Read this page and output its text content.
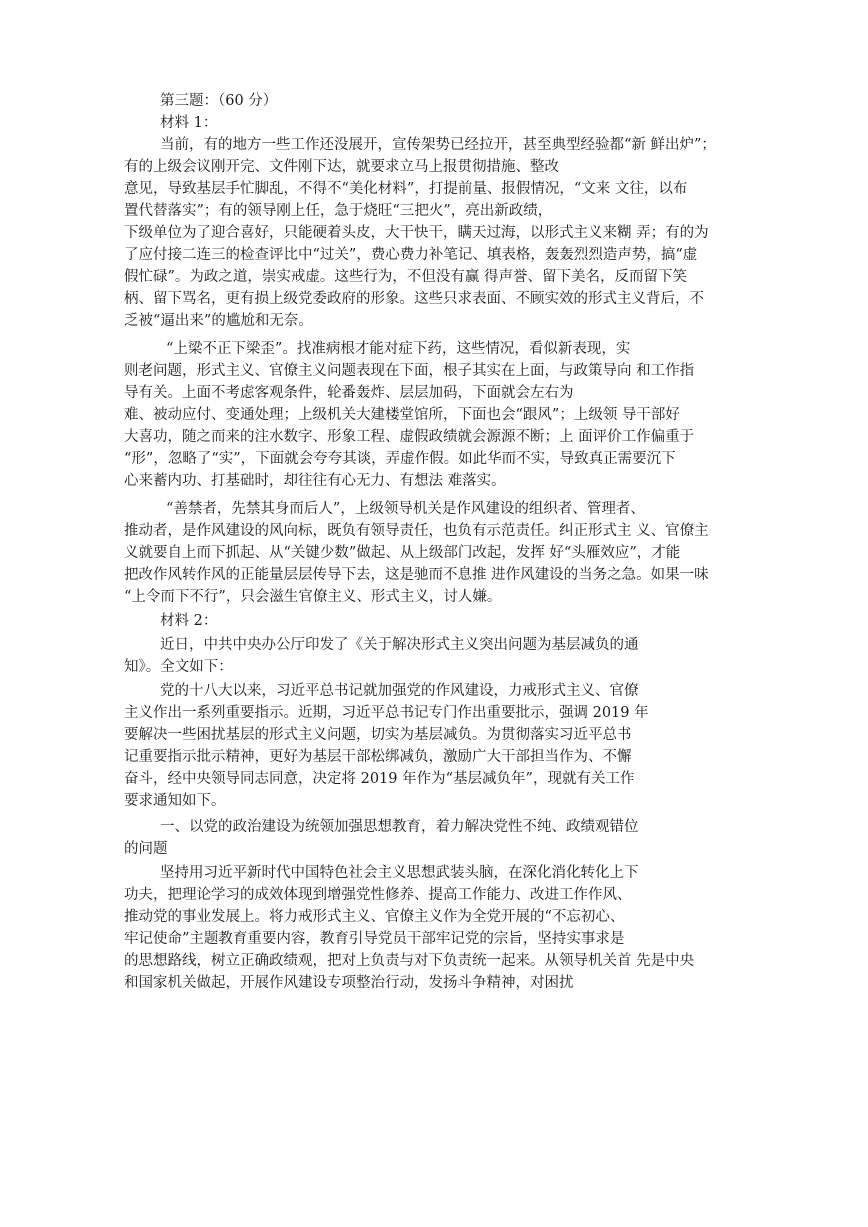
第三题：（60 分）
材料 1：
当前，有的地方一些工作还没展开，宣传架势已经拉开，甚至典型经验都“新 鲜出炉”；
有的上级会议刚开完、文件刚下达，就要求立马上报贯彻措施、整改
意见，导致基层手忙脚乱，不得不“美化材料”，打提前量、报假情况，“文来 文往，以布
置代替落实”；有的领导刚上任，急于烧旺“三把火”，亮出新政绩，
下级单位为了迎合喜好，只能硬着头皮，大干快干，瞒天过海，以形式主义来糊 弄；有的为
了应付接二连三的检查评比中“过关”，费心费力补笔记、填表格，轰轰烈烈造声势，搞“虚
假忙碌”。为政之道，崇实戒虚。这些行为，不但没有赢 得声誉、留下美名，反而留下笑
柄、留下骂名，更有损上级党委政府的形象。这些只求表面、不顾实效的形式主义背后，不
乏被“逼出来”的尴尬和无奈。
“上梁不正下梁歪”。找准病根才能对症下药，这些情况，看似新表现，实
则老问题，形式主义、官僚主义问题表现在下面，根子其实在上面，与政策导向 和工作指
导有关。上面不考虑客观条件，轮番轰炸、层层加码，下面就会左右为
难、被动应付、变通处理；上级机关大建楼堂馆所，下面也会“跟风”；上级领 导干部好
大喜功，随之而来的注水数字、形象工程、虚假政绩就会源源不断；上 面评价工作偏重于
“形”，忽略了“实”，下面就会夸夸其谈，弄虚作假。如此华而不实，导致真正需要沉下
心来蓄内功、打基础时，却往往有心无力、有想法 难落实。
“善禁者，先禁其身而后人”，上级领导机关是作风建设的组织者、管理者、
推动者，是作风建设的风向标，既负有领导责任，也负有示范责任。纠正形式主 义、官僚主
义就要自上而下抓起、从“关键少数”做起、从上级部门改起，发挥 好“头雁效应”，才能
把改作风转作风的正能量层层传导下去，这是驰而不息推 进作风建设的当务之急。如果一味
“上令而下不行”，只会滋生官僚主义、形式主义，讨人嫌。
材料 2：
近日，中共中央办公厅印发了《关于解决形式主义突出问题为基层减负的通
知》。全文如下：
党的十八大以来，习近平总书记就加强党的作风建设，力戒形式主义、官僚
主义作出一系列重要指示。近期，习近平总书记专门作出重要批示，强调 2019 年
要解决一些困扰基层的形式主义问题，切实为基层减负。为贯彻落实习近平总书
记重要指示批示精神，更好为基层干部松绑减负，激励广大干部担当作为、不懈
奋斗，经中央领导同志同意，决定将 2019 年作为“基层减负年”，现就有关工作
要求通知如下。
一、以党的政治建设为统领加强思想教育，着力解决党性不纯、政绩观错位
的问题
坚持用习近平新时代中国特色社会主义思想武装头脑，在深化消化转化上下
功夫，把理论学习的成效体现到增强党性修养、提高工作能力、改进工作作风、
推动党的事业发展上。将力戒形式主义、官僚主义作为全党开展的“不忘初心、
牢记使命”主题教育重要内容，教育引导党员干部牢记党的宗旨，坚持实事求是
的思想路线，树立正确政绩观，把对上负责与对下负责统一起来。从领导机关首 先是中央
和国家机关做起，开展作风建设专项整治行动，发扬斗争精神，对困扰
